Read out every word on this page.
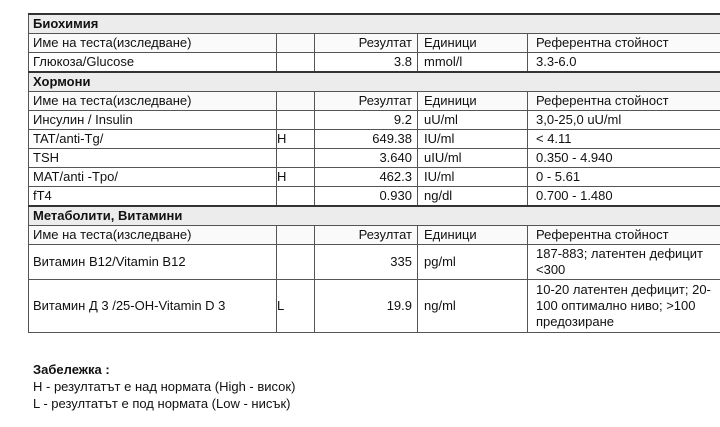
Биохимия				
Име на теста(изследване)		Резултат	Единици	Референтна стойност
Глюкоза/Glucose		3.8	mmol/l	3.3-6.0
Хормони				
Име на теста(изследване)		Резултат	Единици	Референтна стойност
Инсулин / Insulin		9.2	uU/ml	3,0-25,0 uU/ml
TAT/anti-Tg/	H	649.38	IU/ml	< 4.11
TSH		3.640	uIU/ml	0.350 - 4.940
MAT/anti -Tpo/	H	462.3	IU/ml	0 - 5.61
fT4		0.930	ng/dl	0.700 - 1.480
Метаболити, Витамини				
Име на теста(изследване)		Резултат	Единици	Референтна стойност
Витамин B12/Vitamin B12		335	pg/ml	187-883; латентен дефицит <300
Витамин Д 3 /25-OH-Vitamin D 3	L	19.9	ng/ml	10-20 латентен дефицит; 20-100 оптимално ниво; >100 предозиране
Забележка :
H - резултатът е над нормата (High - висок)
L - резултатът е под нормата (Low - нисък)
